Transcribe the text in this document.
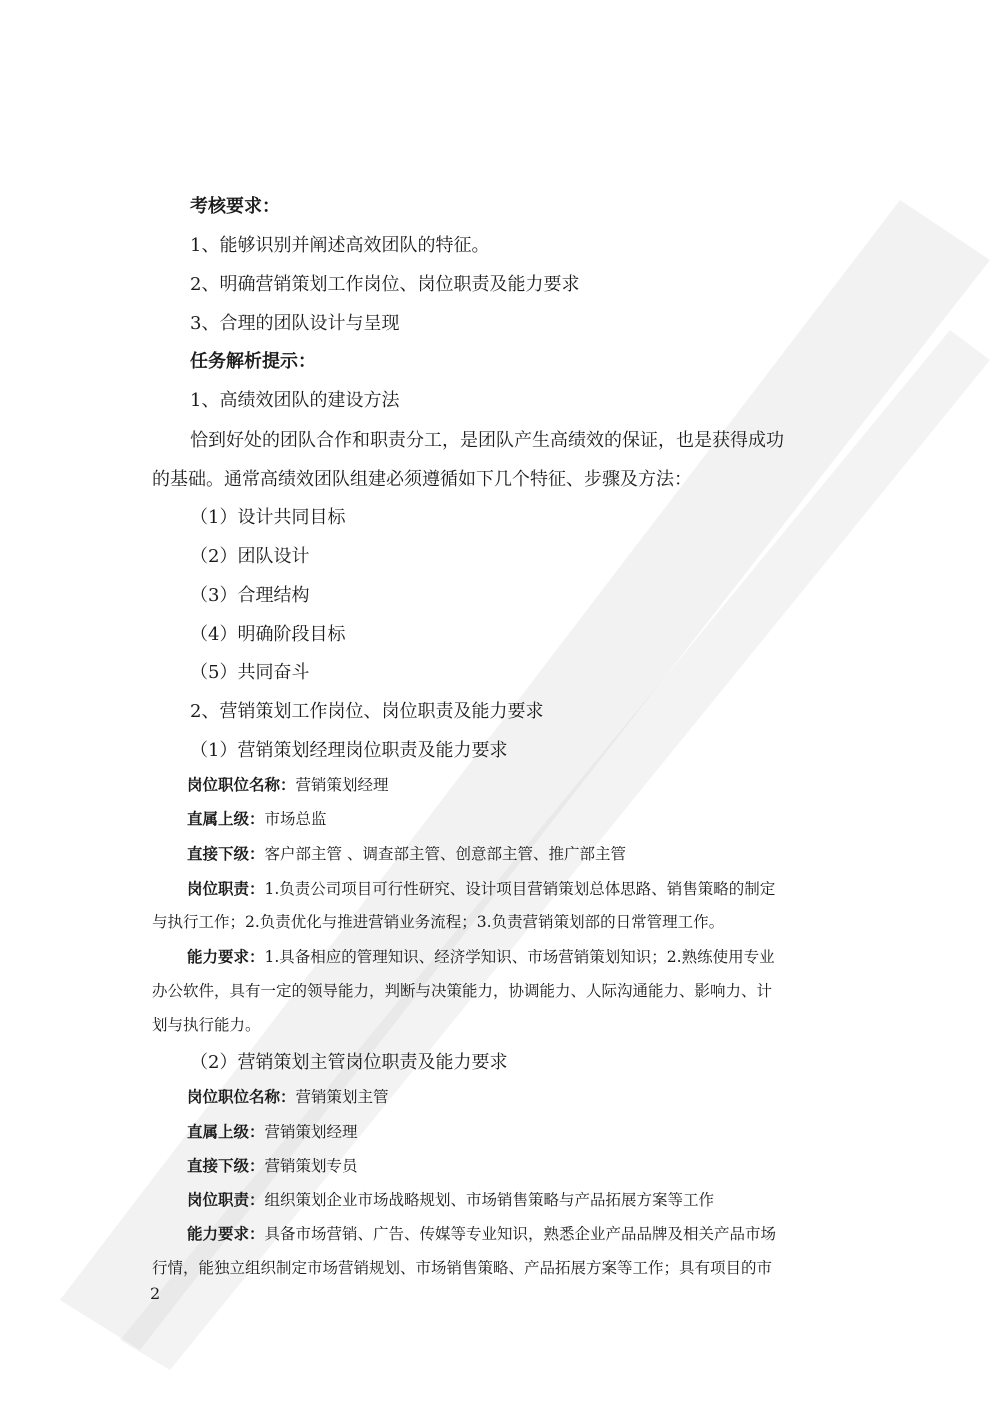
考核要求：
1、能够识别并阐述高效团队的特征。
2、明确营销策划工作岗位、岗位职责及能力要求
3、合理的团队设计与呈现
任务解析提示：
1、高绩效团队的建设方法
恰到好处的团队合作和职责分工，是团队产生高绩效的保证，也是获得成功
的基础。通常高绩效团队组建必须遵循如下几个特征、步骤及方法：
（1）设计共同目标
（2）团队设计
（3）合理结构
（4）明确阶段目标
（5）共同奋斗
2、营销策划工作岗位、岗位职责及能力要求
（1）营销策划经理岗位职责及能力要求
岗位职位名称：营销策划经理
直属上级：市场总监
直接下级：客户部主管 、调查部主管、创意部主管、推广部主管
岗位职责：1.负责公司项目可行性研究、设计项目营销策划总体思路、销售策略的制定
与执行工作；2.负责优化与推进营销业务流程；3.负责营销策划部的日常管理工作。
能力要求：1.具备相应的管理知识、经济学知识、市场营销策划知识；2.熟练使用专业
办公软件，具有一定的领导能力，判断与决策能力，协调能力、人际沟通能力、影响力、计
划与执行能力。
（2）营销策划主管岗位职责及能力要求
岗位职位名称：营销策划主管
直属上级：营销策划经理
直接下级：营销策划专员
岗位职责：组织策划企业市场战略规划、市场销售策略与产品拓展方案等工作
能力要求：具备市场营销、广告、传媒等专业知识，熟悉企业产品品牌及相关产品市场
行情，能独立组织制定市场营销规划、市场销售策略、产品拓展方案等工作；具有项目的市
2
